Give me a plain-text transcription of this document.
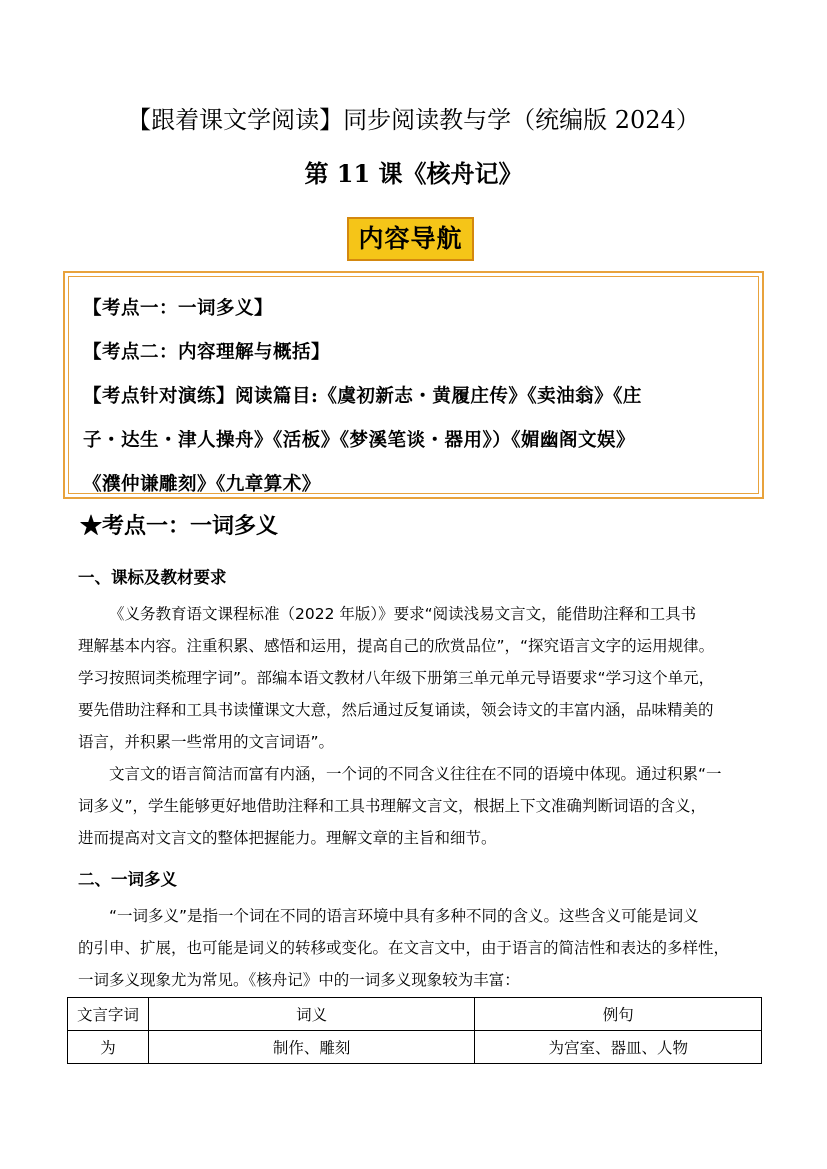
【跟着课文学阅读】同步阅读教与学（统编版 2024）
第 11 课《核舟记》
内容导航
【考点一：一词多义】
【考点二：内容理解与概括】
【考点针对演练】阅读篇目:《虞初新志・黄履庄传》《卖油翁》《庄
子・达生・津人操舟》《活板》《梦溪笔谈・器用》）《媚幽阁文娱》
《濮仲谦雕刻》《九章算术》
★考点一：一词多义
一、课标及教材要求
《义务教育语文课程标准（2022 年版）》要求“阅读浅易文言文，能借助注释和工具书
理解基本内容。注重积累、感悟和运用，提高自己的欣赏品位”，“探究语言文字的运用规律。
学习按照词类梳理字词”。部编本语文教材八年级下册第三单元单元导语要求“学习这个单元，
要先借助注释和工具书读懂课文大意，然后通过反复诵读，领会诗文的丰富内涵，品味精美的
语言，并积累一些常用的文言词语”。
文言文的语言简洁而富有内涵，一个词的不同含义往往在不同的语境中体现。通过积累“一
词多义”，学生能够更好地借助注释和工具书理解文言文，根据上下文准确判断词语的含义，
进而提高对文言文的整体把握能力。理解文章的主旨和细节。
二、一词多义
“一词多义”是指一个词在不同的语言环境中具有多种不同的含义。这些含义可能是词义
的引申、扩展，也可能是词义的转移或变化。在文言文中，由于语言的简洁性和表达的多样性，
一词多义现象尤为常见。《核舟记》中的一词多义现象较为丰富：
文言字词	词义	例句
为	制作、雕刻	为宫室、器皿、人物
